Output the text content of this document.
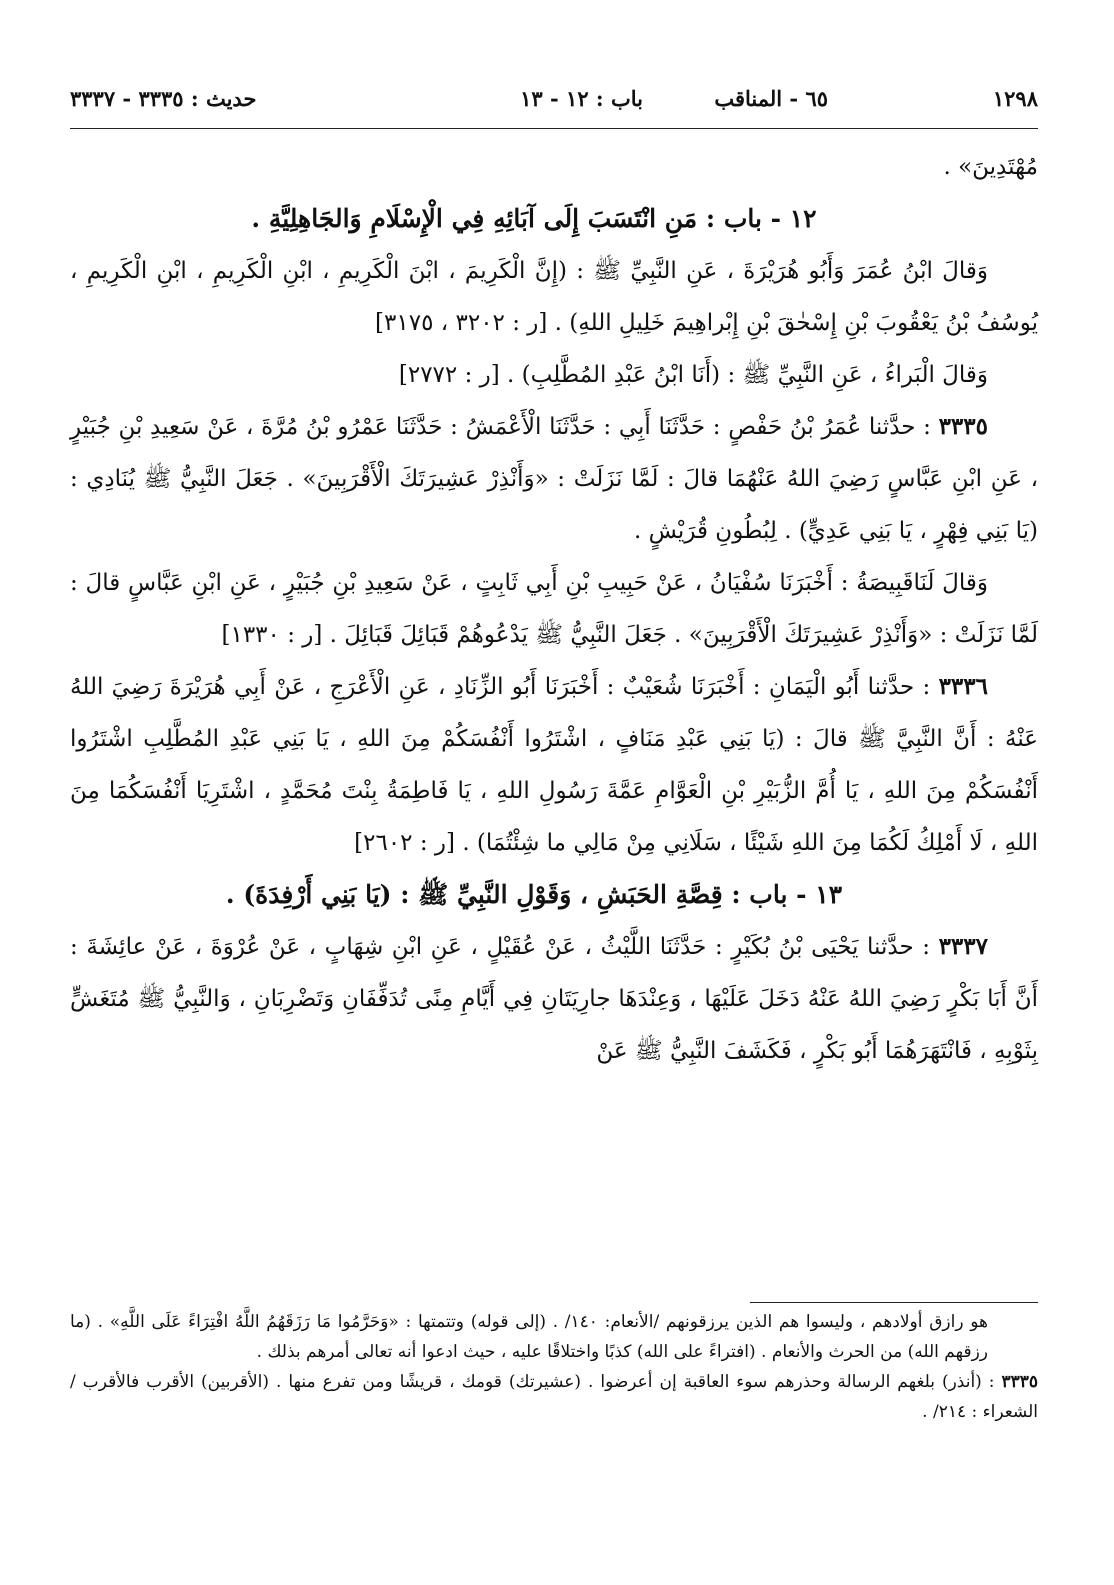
١٢٩٨
٦٥ - المناقب
باب : ١٢ - ١٣
حديث : ٣٣٣٥ - ٣٣٣٧

مُهْتَدِينَ» .

١٢ - باب : مَنِ انْتَسَبَ إِلَى آبَائِهِ فِي الْإِسْلَامِ وَالجَاهِلِيَّةِ .

وَقالَ ابْنُ عُمَرَ وَأَبُو هُرَيْرَةَ ، عَنِ النَّبِيِّ ﷺ : (إِنَّ الْكَرِيمَ ، ابْنَ الْكَرِيمِ ، ابْنِ الْكَرِيمِ ، ابْنِ الْكَرِيمِ ، يُوسُفُ بْنُ يَعْقُوبَ بْنِ إِسْحٰقَ بْنِ إِبْراهِيمَ خَلِيلِ اللهِ) . [ر : ٣٢٠٢ ، ٣١٧٥]

وَقالَ الْبَراءُ ، عَنِ النَّبِيِّ ﷺ : (أَنَا ابْنُ عَبْدِ المُطَّلِبِ) . [ر : ٢٧٧٢]

٣٣٣٥ : حدَّثنا عُمَرُ بْنُ حَفْصٍ : حَدَّثَنَا أَبِي : حَدَّثَنَا الْأَعْمَشُ : حَدَّثَنَا عَمْرُو بْنُ مُرَّةَ ، عَنْ سَعِيدِ بْنِ جُبَيْرٍ ، عَنِ ابْنِ عَبَّاسٍ رَضِيَ اللهُ عَنْهُمَا قالَ : لَمَّا نَزَلَتْ : «وَأَنْذِرْ عَشِيرَتَكَ الْأَقْرَبِينَ» . جَعَلَ النَّبِيُّ ﷺ يُنَادِي : (يَا بَنِي فِهْرٍ ، يَا بَنِي عَدِيٍّ) . لِبُطُونِ قُرَيْشٍ .

وَقالَ لَنَاقَبِيصَةُ : أَخْبَرَنَا سُفْيَانُ ، عَنْ حَبِيبِ بْنِ أَبِي ثَابِتٍ ، عَنْ سَعِيدِ بْنِ جُبَيْرٍ ، عَنِ ابْنِ عَبَّاسٍ قالَ : لَمَّا نَزَلَتْ : «وَأَنْذِرْ عَشِيرَتَكَ الْأَقْرَبِينَ» . جَعَلَ النَّبِيُّ ﷺ يَدْعُوهُمْ قَبَائِلَ قَبَائِلَ . [ر : ١٣٣٠]

٣٣٣٦ : حدَّثنا أَبُو الْيَمَانِ : أَخْبَرَنَا شُعَيْبٌ : أَخْبَرَنَا أَبُو الزِّنَادِ ، عَنِ الْأَعْرَجِ ، عَنْ أَبِي هُرَيْرَةَ رَضِيَ اللهُ عَنْهُ : أَنَّ النَّبِيَّ ﷺ قالَ : (يَا بَنِي عَبْدِ مَنَافٍ ، اشْتَرُوا أَنْفُسَكُمْ مِنَ اللهِ ، يَا بَنِي عَبْدِ المُطَّلِبِ اشْتَرُوا أَنْفُسَكُمْ مِنَ اللهِ ، يَا أُمَّ الزُّبَيْرِ بْنِ الْعَوَّامِ عَمَّةَ رَسُولِ اللهِ ، يَا فَاطِمَةُ بِنْتَ مُحَمَّدٍ ، اشْتَرِيَا أَنْفُسَكُمَا مِنَ اللهِ ، لَا أَمْلِكُ لَكُمَا مِنَ اللهِ شَيْئًا ، سَلَانِي مِنْ مَالِي ما شِئْتُمَا) . [ر : ٢٦٠٢]

١٣ - باب : قِصَّةِ الحَبَشِ ، وَقَوْلِ النَّبِيِّ ﷺ : (يَا بَنِي أَرْفِدَةَ) .

٣٣٣٧ : حدَّثنا يَحْيَى بْنُ بُكَيْرٍ : حَدَّثَنَا اللَّيْثُ ، عَنْ عُقَيْلٍ ، عَنِ ابْنِ شِهَابٍ ، عَنْ عُرْوَةَ ، عَنْ عائِشَةَ : أَنَّ أَبَا بَكْرٍ رَضِيَ اللهُ عَنْهُ دَخَلَ عَلَيْهَا ، وَعِنْدَهَا جارِيَتَانِ فِي أَيَّامِ مِنًى تُدَفِّفَانِ وَتَضْرِبَانِ ، وَالنَّبِيُّ ﷺ مُتَغَشٍّ بِثَوْبِهِ ، فَانْتَهَرَهُمَا أَبُو بَكْرٍ ، فَكَشَفَ النَّبِيُّ ﷺ عَنْ

هو رازق أولادهم ، وليسوا هم الذين يرزقونهم /الأنعام: ١٤٠/ . (إلى قوله) وتتمتها : «وَحَرَّمُوا مَا رَزَقَهُمُ اللَّهُ افْتِرَاءً عَلَى اللَّهِ» . (ما رزقهم الله) من الحرث والأنعام . (افتراءً على الله) كذبًا واختلاقًا عليه ، حيث ادعوا أنه تعالى أمرهم بذلك .

٣٣٣٥ : (أنذر) بلغهم الرسالة وحذرهم سوء العاقبة إن أعرضوا . (عشيرتك) قومك ، قريشًا ومن تفرع منها . (الأقربين) الأقرب فالأقرب /الشعراء : ٢١٤/ .
